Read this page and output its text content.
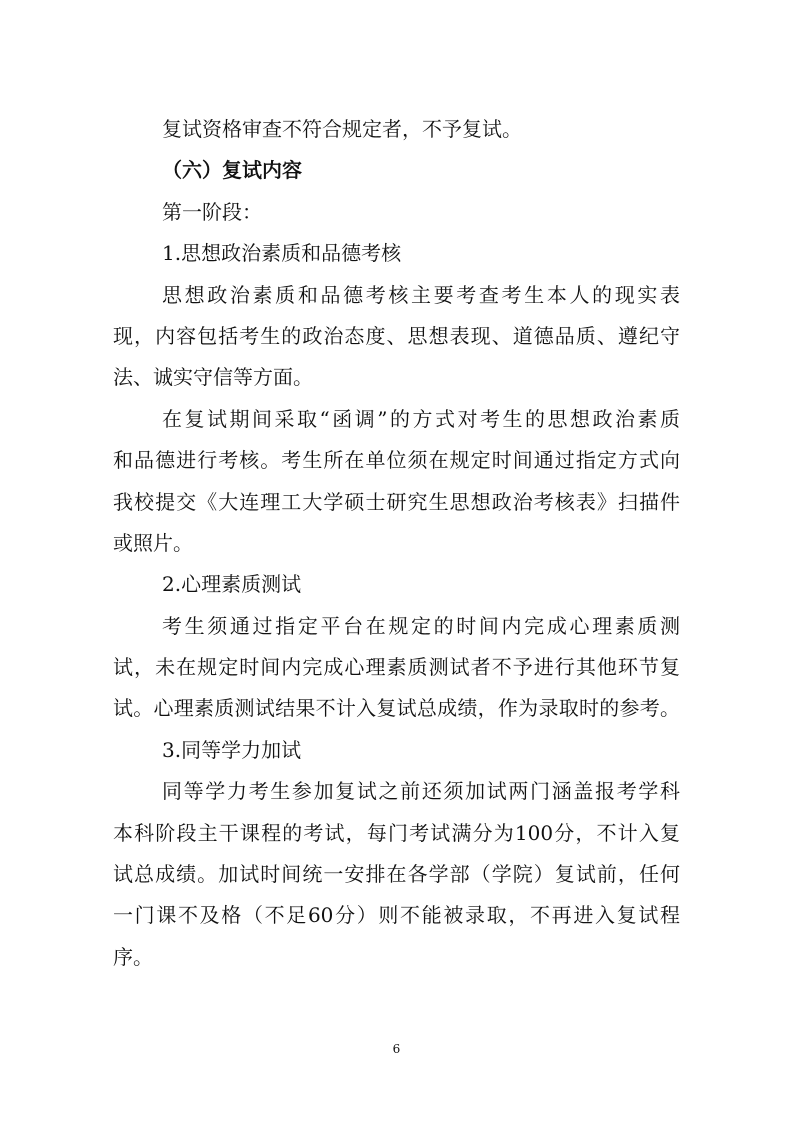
复试资格审查不符合规定者，不予复试。
（六）复试内容
第一阶段：
1.思想政治素质和品德考核
思想政治素质和品德考核主要考查考生本人的现实表
现，内容包括考生的政治态度、思想表现、道德品质、遵纪守
法、诚实守信等方面。
在复试期间采取“函调”的方式对考生的思想政治素质
和品德进行考核。考生所在单位须在规定时间通过指定方式向
我校提交《大连理工大学硕士研究生思想政治考核表》扫描件
或照片。
2.心理素质测试
考生须通过指定平台在规定的时间内完成心理素质测
试，未在规定时间内完成心理素质测试者不予进行其他环节复
试。心理素质测试结果不计入复试总成绩，作为录取时的参考。
3.同等学力加试
同等学力考生参加复试之前还须加试两门涵盖报考学科
本科阶段主干课程的考试，每门考试满分为100分，不计入复
试总成绩。加试时间统一安排在各学部（学院）复试前，任何
一门课不及格（不足60分）则不能被录取，不再进入复试程
序。
6
